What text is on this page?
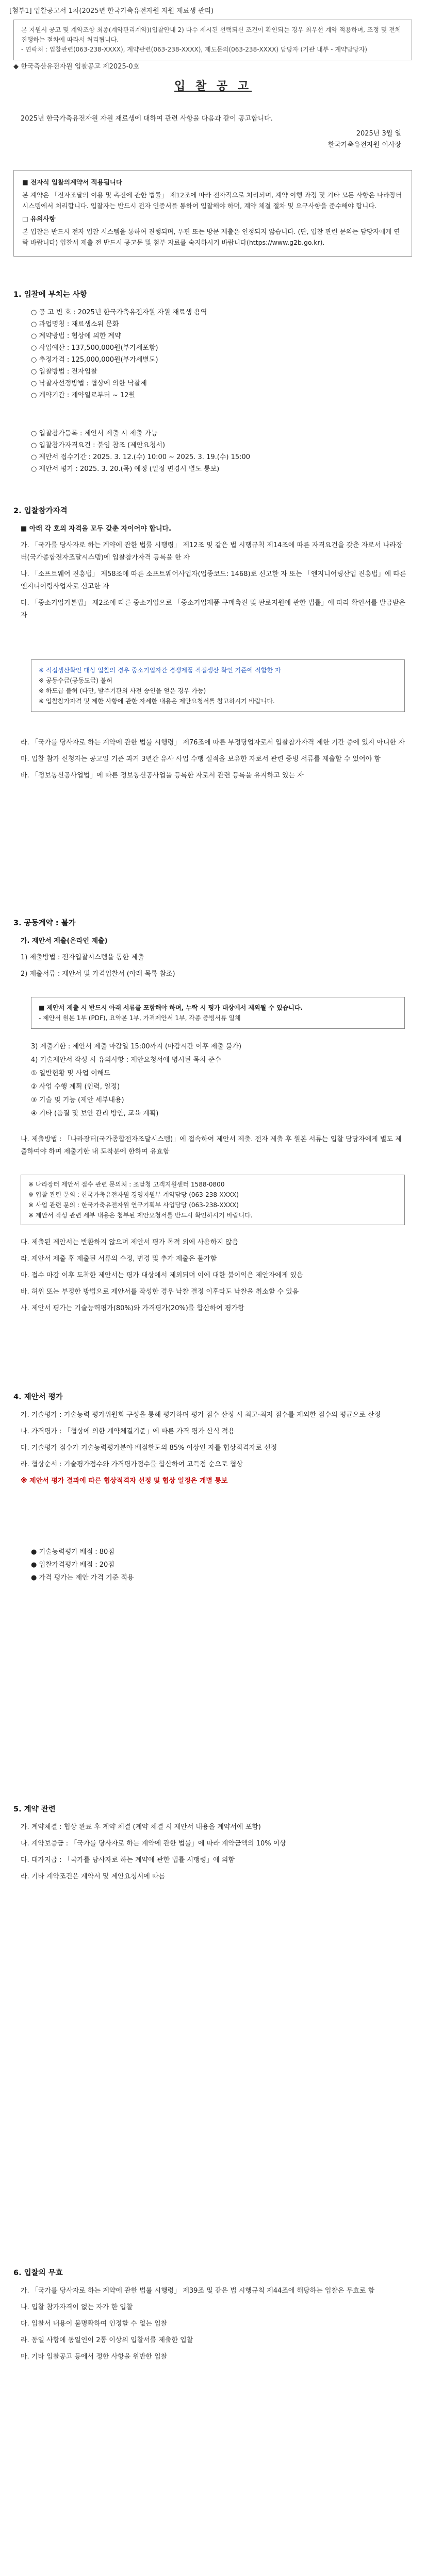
[첨부1] 입찰공고서 1차(2025년 한국가축유전자원 자원 재료생 관리)
본 지원서 공고 및 계약조항 최종(계약관리계약)(입찰안내 2) 다수 제시된 선택되신 조건이 확인되는 경우 최우선 계약 적용하며, 조정 및 전체 진행하는 절차에 따라서 처리됩니다.
- 연락처 : 입찰관련(063-238-XXXX), 계약관련(063-238-XXXX), 제도문의(063-238-XXXX) 담당자 (기관 내부 - 계약담당자)
◆ 한국축산유전자원 입찰공고 제2025-0호
입 찰 공 고
2025년 한국가축유전자원 자원 재료생에 대하여 관련 사항을 다음과 같이 공고합니다.
2025년 3월 일
한국가축유전자원 이사장

■ 전자식 입찰의계약서 적용됩니다

본 계약은 「전자조달의 이용 및 촉진에 관한 법률」 제12조에 따라 전자적으로 처리되며, 계약 이행 과정 및 기타 모든 사항은 나라장터 시스템에서 처리합니다. 입찰자는 반드시 전자 인증서를 통하여 입찰해야 하며, 계약 체결 절차 및 요구사항을 준수해야 합니다.

□ 유의사항

본 입찰은 반드시 전자 입찰 시스템을 통하여 진행되며, 우편 또는 방문 제출은 인정되지 않습니다. (단, 입찰 관련 문의는 담당자에게 연락 바랍니다) 입찰서 제출 전 반드시 공고문 및 첨부 자료를 숙지하시기 바랍니다(https://www.g2b.go.kr).

1. 입찰에 부치는 사항
○ 공 고 번 호 : 2025년 한국가축유전자원 자원 재료생 용역
○ 과업명칭 : 재료생소위 문화
○ 계약방법 : 협상에 의한 계약
○ 사업예산 : 137,500,000원(부가세포함)
○ 추정가격 : 125,000,000원(부가세별도)
○ 입찰방법 : 전자입찰
○ 낙찰자선정방법 : 협상에 의한 낙찰제
○ 계약기간 : 계약일로부터 ~ 12월
○ 입찰참가등록 : 제안서 제출 시 제출 가능
○ 입찰참가자격요건 : 붙임 참조 (제안요청서)
○ 제안서 접수기간 : 2025. 3. 12.(수) 10:00 ~ 2025. 3. 19.(수) 15:00
○ 제안서 평가 : 2025. 3. 20.(목) 예정 (일정 변경시 별도 통보)
2. 입찰참가자격

■ 아래 각 호의 자격을 모두 갖춘 자이어야 합니다.

가. 「국가를 당사자로 하는 계약에 관한 법률 시행령」 제12조 및 같은 법 시행규칙 제14조에 따른 자격요건을 갖춘 자로서 나라장터(국가종합전자조달시스템)에 입찰참가자격 등록을 한 자

나. 「소프트웨어 진흥법」 제58조에 따른 소프트웨어사업자(업종코드: 1468)로 신고한 자 또는 「엔지니어링산업 진흥법」에 따른 엔지니어링사업자로 신고한 자

다. 「중소기업기본법」 제2조에 따른 중소기업으로 「중소기업제품 구매촉진 및 판로지원에 관한 법률」에 따라 확인서를 발급받은 자

※ 직접생산확인 대상 입찰의 경우 중소기업자간 경쟁제품 직접생산 확인 기준에 적합한 자
※ 공동수급(공동도급) 불허
※ 하도급 불허 (다만, 발주기관의 사전 승인을 얻은 경우 가능)
※ 입찰참가자격 및 제한 사항에 관한 자세한 내용은 제안요청서를 참고하시기 바랍니다.

라. 「국가를 당사자로 하는 계약에 관한 법률 시행령」 제76조에 따른 부정당업자로서 입찰참가자격 제한 기간 중에 있지 아니한 자

마. 입찰 참가 신청자는 공고일 기준 과거 3년간 유사 사업 수행 실적을 보유한 자로서 관련 증빙 서류를 제출할 수 있어야 함

바. 「정보통신공사업법」에 따른 정보통신공사업을 등록한 자로서 관련 등록을 유지하고 있는 자

3. 공동계약 : 불가

가. 제안서 제출(온라인 제출)

1) 제출방법 : 전자입찰시스템을 통한 제출

2) 제출서류 : 제안서 및 가격입찰서 (아래 목록 참조)

■ 제안서 제출 시 반드시 아래 서류를 포함해야 하며, 누락 시 평가 대상에서 제외될 수 있습니다.
- 제안서 원본 1부 (PDF), 요약본 1부, 가격제안서 1부, 각종 증빙서류 일체
3) 제출기한 : 제안서 제출 마감일 15:00까지 (마감시간 이후 제출 불가)
4) 기술제안서 작성 시 유의사항 : 제안요청서에 명시된 목차 준수
① 일반현황 및 사업 이해도
② 사업 수행 계획 (인력, 일정)
③ 기술 및 기능 (제안 세부내용)
④ 기타 (품질 및 보안 관리 방안, 교육 계획)

나. 제출방법 : 「나라장터(국가종합전자조달시스템)」에 접속하여 제안서 제출. 전자 제출 후 원본 서류는 입찰 담당자에게 별도 제출하여야 하며 제출기한 내 도착분에 한하여 유효함

※ 나라장터 제안서 접수 관련 문의처 : 조달청 고객지원센터 1588-0800
※ 입찰 관련 문의 : 한국가축유전자원 경영지원부 계약담당 (063-238-XXXX)
※ 사업 관련 문의 : 한국가축유전자원 연구기획부 사업담당 (063-238-XXXX)
※ 제안서 작성 관련 세부 내용은 첨부된 제안요청서를 반드시 확인하시기 바랍니다.

다. 제출된 제안서는 반환하지 않으며 제안서 평가 목적 외에 사용하지 않음

라. 제안서 제출 후 제출된 서류의 수정, 변경 및 추가 제출은 불가함

마. 접수 마감 이후 도착한 제안서는 평가 대상에서 제외되며 이에 대한 불이익은 제안자에게 있음

바. 허위 또는 부정한 방법으로 제안서를 작성한 경우 낙찰 결정 이후라도 낙찰을 취소할 수 있음

사. 제안서 평가는 기술능력평가(80%)와 가격평가(20%)를 합산하여 평가함

4. 제안서 평가

가. 기술평가 : 기술능력 평가위원회 구성을 통해 평가하며 평가 점수 산정 시 최고·최저 점수를 제외한 점수의 평균으로 산정

나. 가격평가 : 「협상에 의한 계약체결기준」에 따른 가격 평가 산식 적용

다. 기술평가 점수가 기술능력평가분야 배점한도의 85% 이상인 자를 협상적격자로 선정

라. 협상순서 : 기술평가점수와 가격평가점수를 합산하여 고득점 순으로 협상

※ 제안서 평가 결과에 따른 협상적격자 선정 및 협상 일정은 개별 통보

● 기술능력평가 배점 : 80점
● 입찰가격평가 배점 : 20점
● 가격 평가는 제안 가격 기준 적용
5. 계약 관련

가. 계약체결 : 협상 완료 후 계약 체결 (계약 체결 시 제안서 내용을 계약서에 포함)

나. 계약보증금 : 「국가를 당사자로 하는 계약에 관한 법률」에 따라 계약금액의 10% 이상

다. 대가지급 : 「국가를 당사자로 하는 계약에 관한 법률 시행령」에 의함

라. 기타 계약조건은 계약서 및 제안요청서에 따름

6. 입찰의 무효

가. 「국가를 당사자로 하는 계약에 관한 법률 시행령」 제39조 및 같은 법 시행규칙 제44조에 해당하는 입찰은 무효로 함

나. 입찰 참가자격이 없는 자가 한 입찰

다. 입찰서 내용이 불명확하여 인정할 수 없는 입찰

라. 동일 사항에 동일인이 2통 이상의 입찰서를 제출한 입찰

마. 기타 입찰공고 등에서 정한 사항을 위반한 입찰
